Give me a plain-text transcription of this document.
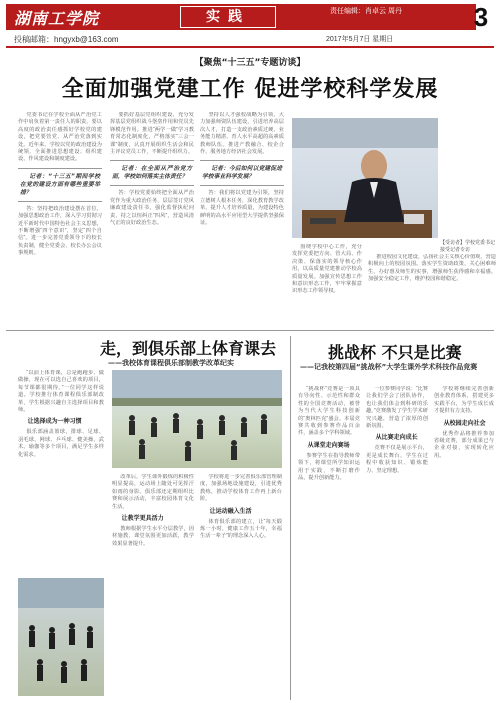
湖南工学院	实践	责任编辑：肖卓云 周丹	3
投稿邮箱：hngyxb@163.com	2017年5月7日 星期日
【聚焦“十三五”专题访谈】
全面加强党建工作 促进学校科学发展

党委书记在学校全面从严治党工作中肩负着第一责任人的职责，要以高度的政治责任感抓好学校党的建设，把党要管党、从严治党落到实处。近年来，学校以党的政治建设为统领，全面推进思想建设、组织建设、作风建设和制度建设。

记者：“十三五”期间学校在党的建设方面有哪些重要举措？

答：坚持把政治建设摆在首位，加强思想政治工作，深入学习贯彻习近平新时代中国特色社会主义思想，不断增强“四个意识”，坚定“四个自信”。进一步完善党委领导下的校长负责制，健全党委会、校长办公会议事规则。

要抓好基层党组织建设，充分发挥基层党组织战斗堡垒作用和党员先锋模范作用。推进“两学一做”学习教育常态化制度化，严格落实“三会一课”制度，认真开展组织生活会和民主评议党员工作，不断提升组织力。

记者：在全面从严治党方面，学校如何落实主体责任？

答：学校党委始终把全面从严治党作为重大政治任务，层层签订党风廉政建设责任书，强化监督执纪问责，持之以恒纠正“四风”，营造风清气正的良好政治生态。

坚持以人才强校战略为引领，大力加强师资队伍建设，引进培养高层次人才，打造一支政治素质过硬、业务能力精湛、育人水平高超的高素质教师队伍。推进产教融合、校企合作，服务地方经济社会发展。

记者：今后如何以党建促进学校事业科学发展？

答：我们将以党建为引领，坚持立德树人根本任务，深化教育教学改革，提升人才培养质量，为建设特色鲜明的高水平应用型大学提供坚强保证。

【受访者】学校党委书记接受记者专访

围绕学校中心工作，充分发挥党委把方向、管大局、作决策、保落实的领导核心作用，以高质量党建推动学校高质量发展。加强宣传思想工作和意识形态工作，牢牢掌握意识形态工作领导权。

推进校园文化建设，弘扬社会主义核心价值观，营造积极向上的校园氛围。落实学生资助政策，关心困难师生，办好惠及师生的实事，增强师生获得感和幸福感。加强安全稳定工作，维护校园和谐稳定。

走，到俱乐部上体育课去
——我校体育课程俱乐部制教学改革纪实

“以前上体育课，总是跑跑步、做做操，现在可以选自己喜欢的项目，每节课都很期待。”一位同学这样说道。学校推行体育课程俱乐部制改革，学生根据兴趣自主选择项目和教师。

让选择成为一种习惯

俱乐部涵盖篮球、排球、足球、羽毛球、网球、乒乓球、健美操、武术、瑜伽等多个项目，满足学生多样化需求。

改革后，学生课外锻炼的积极性明显提高，运动场上随处可见挥汗如雨的身影。俱乐部还定期组织比赛和展示活动，丰富校园体育文化生活。

让教学更具活力

教师根据学生水平分层教学，因材施教，课堂氛围更加活跃，教学效果显著提升。

学校将进一步完善俱乐部管理制度，加强场地设施建设，引进优秀教练，推动学校体育工作再上新台阶。

让运动融入生活

体育俱乐部的建立，让“每天锻炼一小时，健康工作五十年，幸福生活一辈子”的理念深入人心。

挑战杯 不只是比赛
——记我校第四届“挑战杯”大学生课外学术科技作品竞赛

“挑战杯”竞赛是一项具有导向性、示范性和群众性的全国竞赛活动，被誉为当代大学生科技创新的“奥林匹克”盛会。本届竞赛共收到参赛作品百余件，涵盖多个学科领域。

从课堂走向赛场

参赛学生在指导教师带领下，将课堂所学知识运用于实践，不断打磨作品，提升创新能力。

一位参赛同学说：“比赛让我们学会了团队协作，也让我们体会到科研的乐趣。”竞赛激发了学生学术研究兴趣，营造了浓厚的创新氛围。

从比赛走向成长

竞赛不仅是展示平台，更是成长舞台，学生在过程中收获知识、锻炼能力、坚定理想。

学校将继续完善创新创业教育体系，搭建更多实践平台，为学生成长成才提供有力支持。

从校园走向社会

优秀作品将推荐参加省级竞赛，部分成果已与企业对接，实现转化应用。
